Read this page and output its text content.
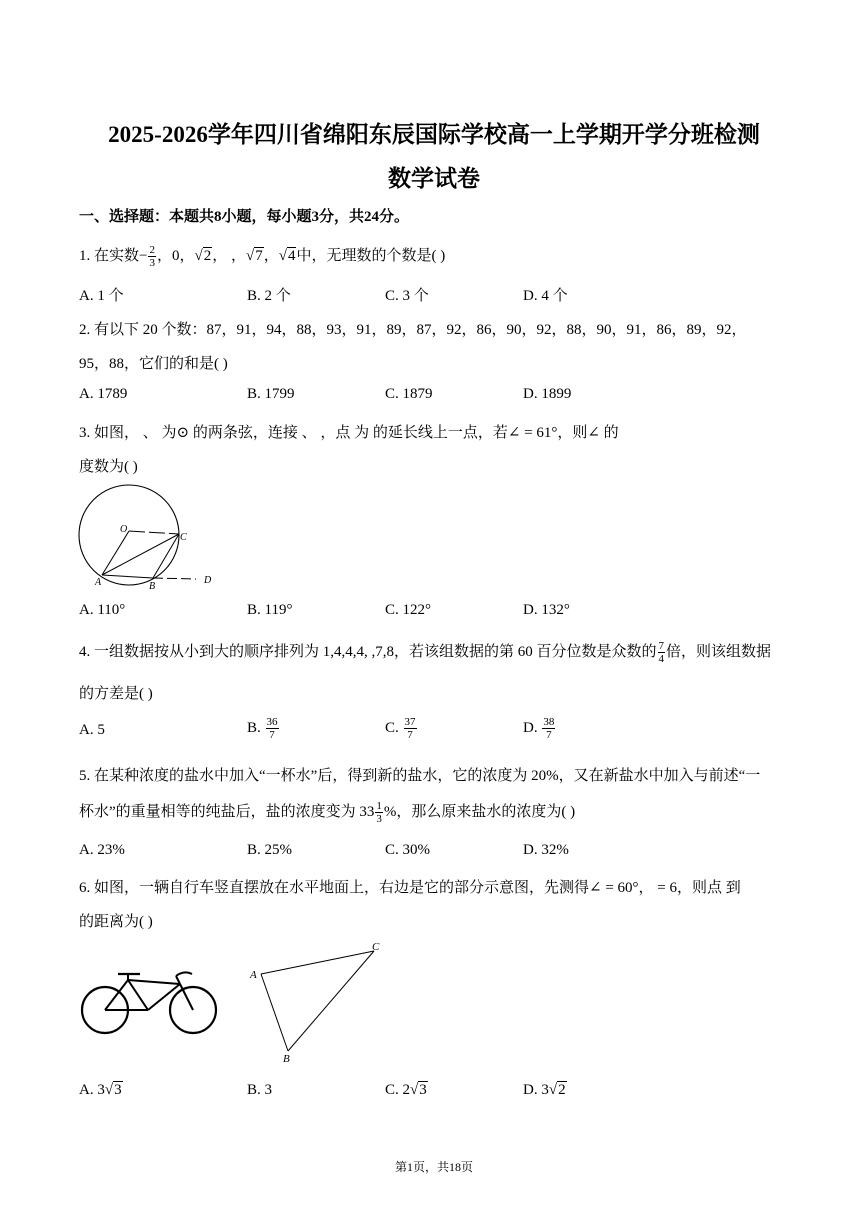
2025-2026学年四川省绵阳东辰国际学校高一上学期开学分班检测
数学试卷
一、选择题：本题共8小题，每小题3分，共24分。
1. 在实数− $\frac{2}{3}$ ，0，√2， ，√7，√4中，无理数的个数是( )
A. 1 个	B. 2 个	C. 3 个	D. 4 个
2. 有以下 20 个数：87，91，94，88，93，91，89，87，92，86，90，92，88，90，91，86，89，92，
95，88，它们的和是( )
A. 1789	B. 1799	C. 1879	D. 1899
3. 如图， 、 为⊙ 的两条弦，连接 、 ，点 为 的延长线上一点，若∠ = 61°，则∠ 的
度数为( )
O
C
A	B
D
A. 110°	B. 119°	C. 122°	D. 132°
4. 一组数据按从小到大的顺序排列为 1,4,4,4, ,7,8，若该组数据的第 60 百分位数是众数的 $\frac{7}{4}$ 倍，则该组数据
的方差是( )
A. 5	B. $\frac{36}{7}$	C. $\frac{37}{7}$	D. $\frac{38}{7}$
5. 在某种浓度的盐水中加入“一杯水”后，得到新的盐水，它的浓度为 20%，又在新盐水中加入与前述“一
杯水”的重量相等的纯盐后，盐的浓度变为 $33 \frac{1}{3}$ %，那么原来盐水的浓度为( )
A. 23%	B. 25%	C. 30%	D. 32%
6. 如图，一辆自行车竖直摆放在水平地面上，右边是它的部分示意图，先测得∠ = 60°， = 6，则点 到
的距离为( )
A
C
B
A. 3√3	B. 3	C. 2√3	D. 3√2
第1页，共18页
